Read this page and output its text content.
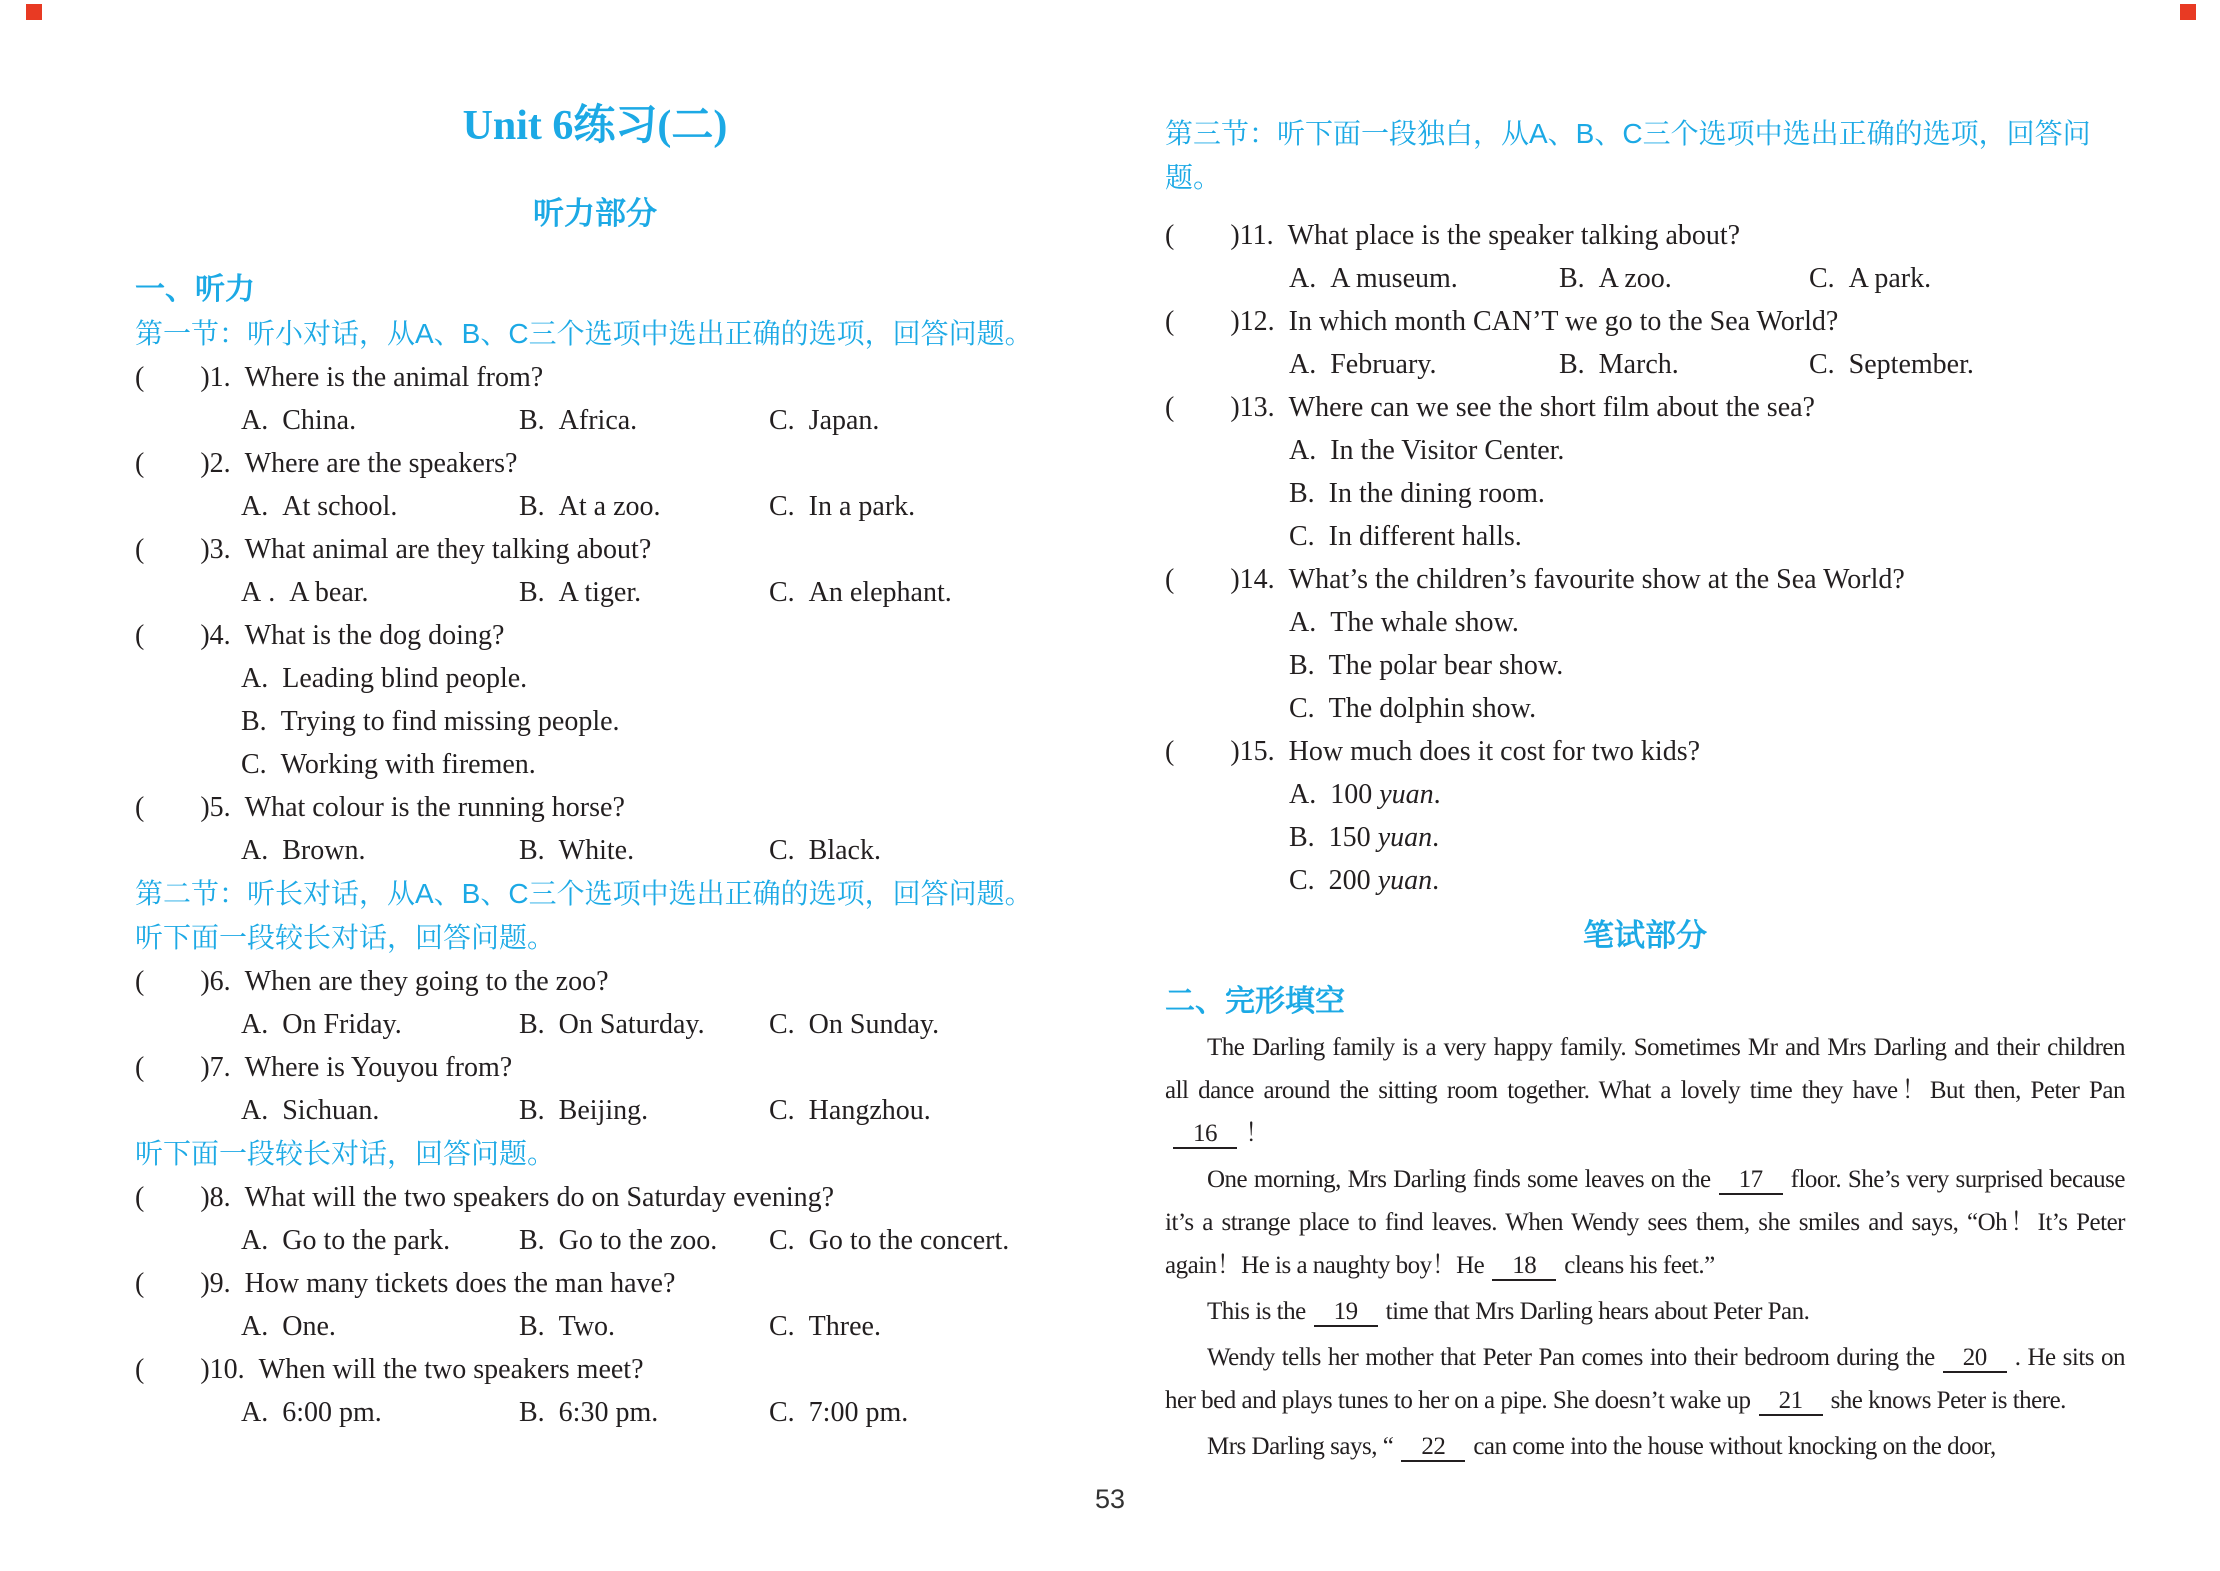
Unit 6练习(二)
听力部分
一、听力

第一节：听小对话，从A、B、C三个选项中选出正确的选项，回答问题。

(        )1.  Where is the animal from?
A.  China.	B.  Africa.	C.  Japan.
(        )2.  Where are the speakers?
A.  At school.	B.  At a zoo.	C.  In a park.
(        )3.  What animal are they talking about?
A .  A bear.	B.  A tiger.	C.  An elephant.
(        )4.  What is the dog doing?
A.  Leading blind people.
B.  Trying to find missing people.
C.  Working with firemen.
(        )5.  What colour is the running horse?
A.  Brown.	B.  White.	C.  Black.

第二节：听长对话，从A、B、C三个选项中选出正确的选项，回答问题。

听下面一段较长对话，回答问题。

(        )6.  When are they going to the zoo?
A.  On Friday.	B.  On Saturday.	C.  On Sunday.
(        )7.  Where is Youyou from?
A.  Sichuan.	B.  Beijing.	C.  Hangzhou.

听下面一段较长对话，回答问题。

(        )8.  What will the two speakers do on Saturday evening?
A.  Go to the park.	B.  Go to the zoo.	C.  Go to the concert.
(        )9.  How many tickets does the man have?
A.  One.	B.  Two.	C.  Three.
(        )10.  When will the two speakers meet?
A.  6:00 pm.	B.  6:30 pm.	C.  7:00 pm.

第三节：听下面一段独白，从A、B、C三个选项中选出正确的选项，回答问题。

(        )11.  What place is the speaker talking about?
A.  A museum.	B.  A zoo.	C.  A park.
(        )12.  In which month CAN’T we go to the Sea World?
A.  February.	B.  March.	C.  September.
(        )13.  Where can we see the short film about the sea?
A.  In the Visitor Center.
B.  In the dining room.
C.  In different halls.
(        )14.  What’s the children’s favourite show at the Sea World?
A.  The whale show.
B.  The polar bear show.
C.  The dolphin show.
(        )15.  How much does it cost for two kids?
A.  100 yuan.
B.  150 yuan.
C.  200 yuan.
笔试部分
二、完形填空

The Darling family is a very happy family. Sometimes Mr and Mrs Darling and their children all dance around the sitting room together. What a lovely time they have！But then, Peter Pan16 ！

One morning, Mrs Darling finds some leaves on the 17 floor. She’s very surprised because it’s a strange place to find leaves. When Wendy sees them, she smiles and says, “Oh！It’s Peter again！He is a naughty boy！He 18 cleans his feet.”

This is the 19 time that Mrs Darling hears about Peter Pan.

Wendy tells her mother that Peter Pan comes into their bedroom during the 20 . He sits on her bed and plays tunes to her on a pipe. She doesn’t wake up 21 she knows Peter is there.

Mrs Darling says, “ 22 can come into the house without knocking on the door,

53
